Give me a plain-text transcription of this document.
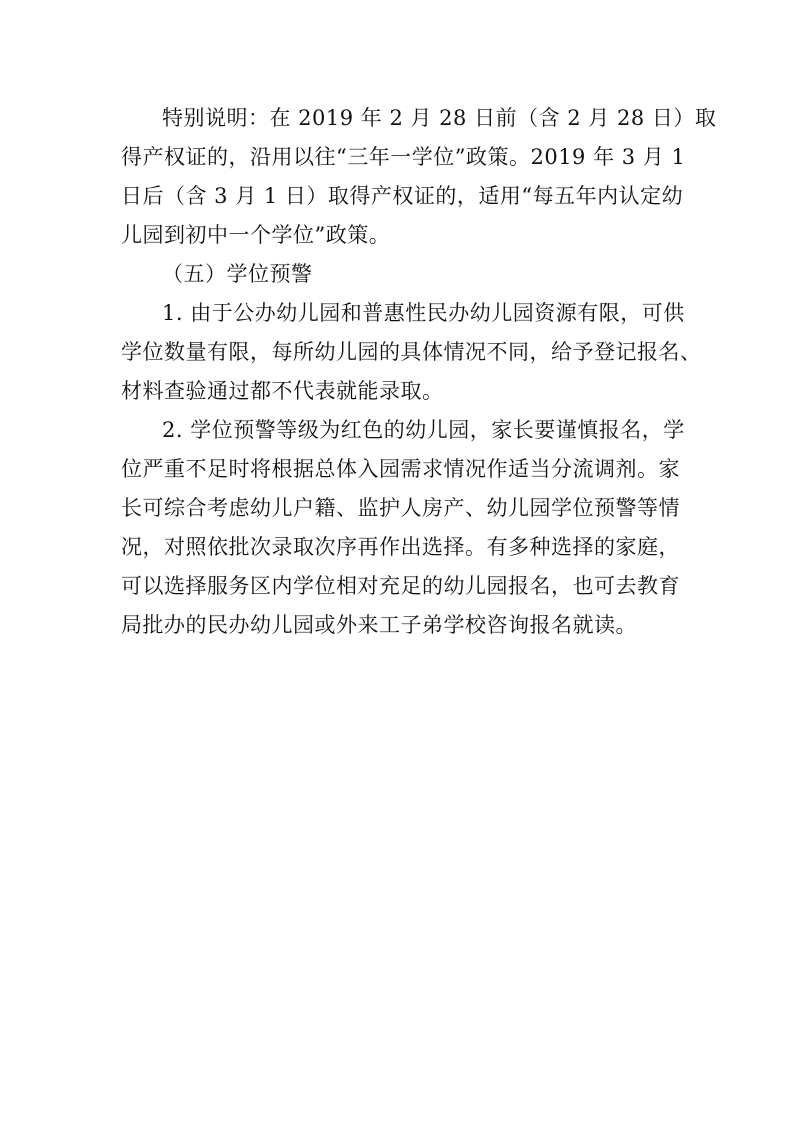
特别说明：在 2019 年 2 月 28 日前（含 2 月 28 日）取
得产权证的，沿用以往“三年一学位”政策。2019 年 3 月 1
日后（含 3 月 1 日）取得产权证的，适用“每五年内认定幼
儿园到初中一个学位”政策。
（五）学位预警
1. 由于公办幼儿园和普惠性民办幼儿园资源有限，可供
学位数量有限，每所幼儿园的具体情况不同，给予登记报名、
材料查验通过都不代表就能录取。
2. 学位预警等级为红色的幼儿园，家长要谨慎报名，学
位严重不足时将根据总体入园需求情况作适当分流调剂。家
长可综合考虑幼儿户籍、监护人房产、幼儿园学位预警等情
况，对照依批次录取次序再作出选择。有多种选择的家庭，
可以选择服务区内学位相对充足的幼儿园报名，也可去教育
局批办的民办幼儿园或外来工子弟学校咨询报名就读。
